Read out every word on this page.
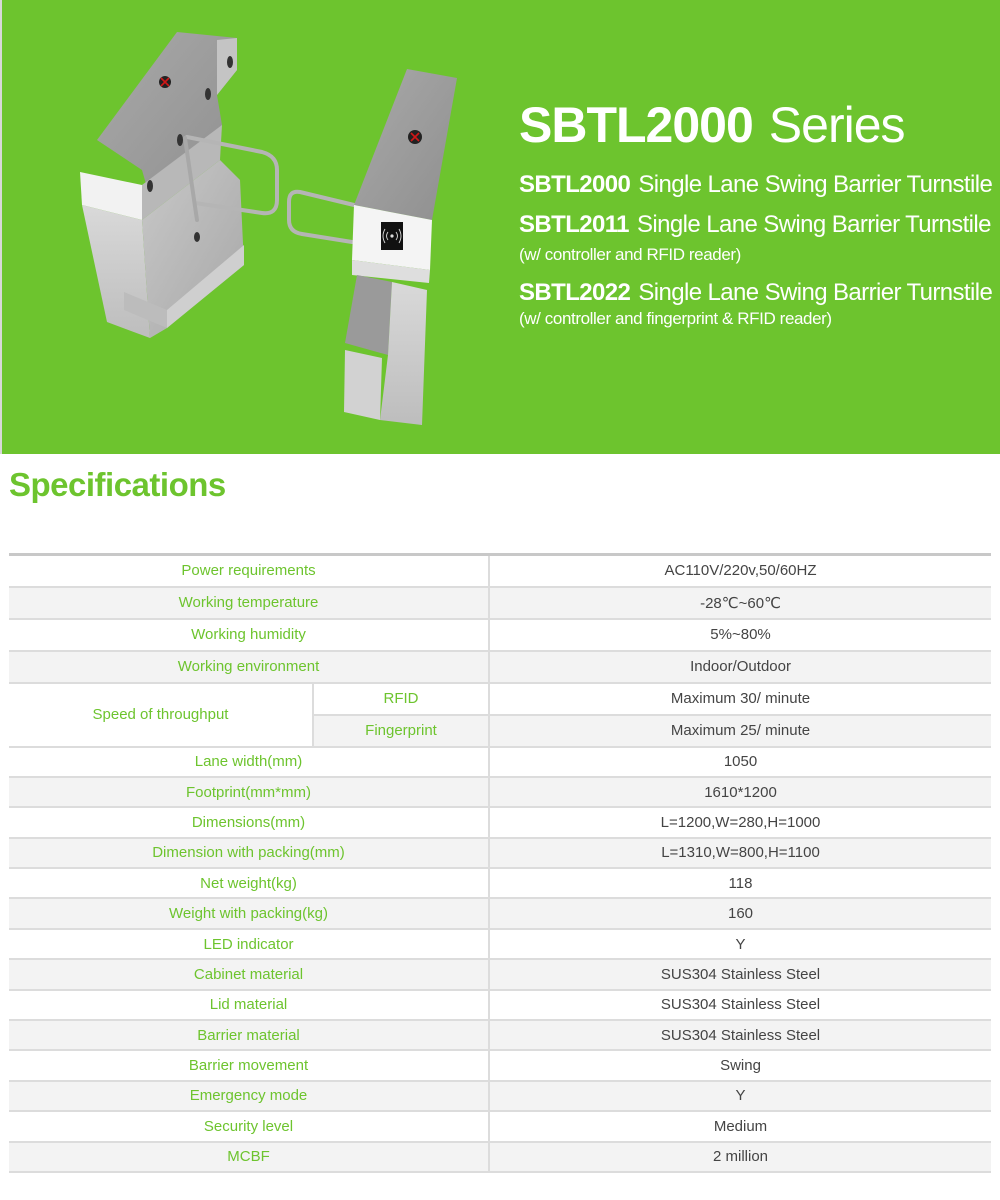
SBTL2000 Series
SBTL2000 Single Lane Swing Barrier Turnstile
SBTL2011 Single Lane Swing Barrier Turnstile
(w/ controller and RFID reader)
SBTL2022 Single Lane Swing Barrier Turnstile
(w/ controller and fingerprint & RFID reader)
Specifications
Power requirements		AC110V/220v,50/60HZ
Working temperature		-28℃~60℃
Working humidity		5%~80%
Working environment		Indoor/Outdoor
Speed of throughput	RFID	Maximum 30/ minute
	Fingerprint	Maximum 25/ minute
Lane width(mm)		1050
Footprint(mm*mm)		1610*1200
Dimensions(mm)		L=1200,W=280,H=1000
Dimension with packing(mm)		L=1310,W=800,H=1100
Net weight(kg)		118
Weight with packing(kg)		160
LED indicator		Y
Cabinet material		SUS304 Stainless Steel
Lid material		SUS304 Stainless Steel
Barrier material		SUS304 Stainless Steel
Barrier movement		Swing
Emergency mode		Y
Security level		Medium
MCBF		2 million
